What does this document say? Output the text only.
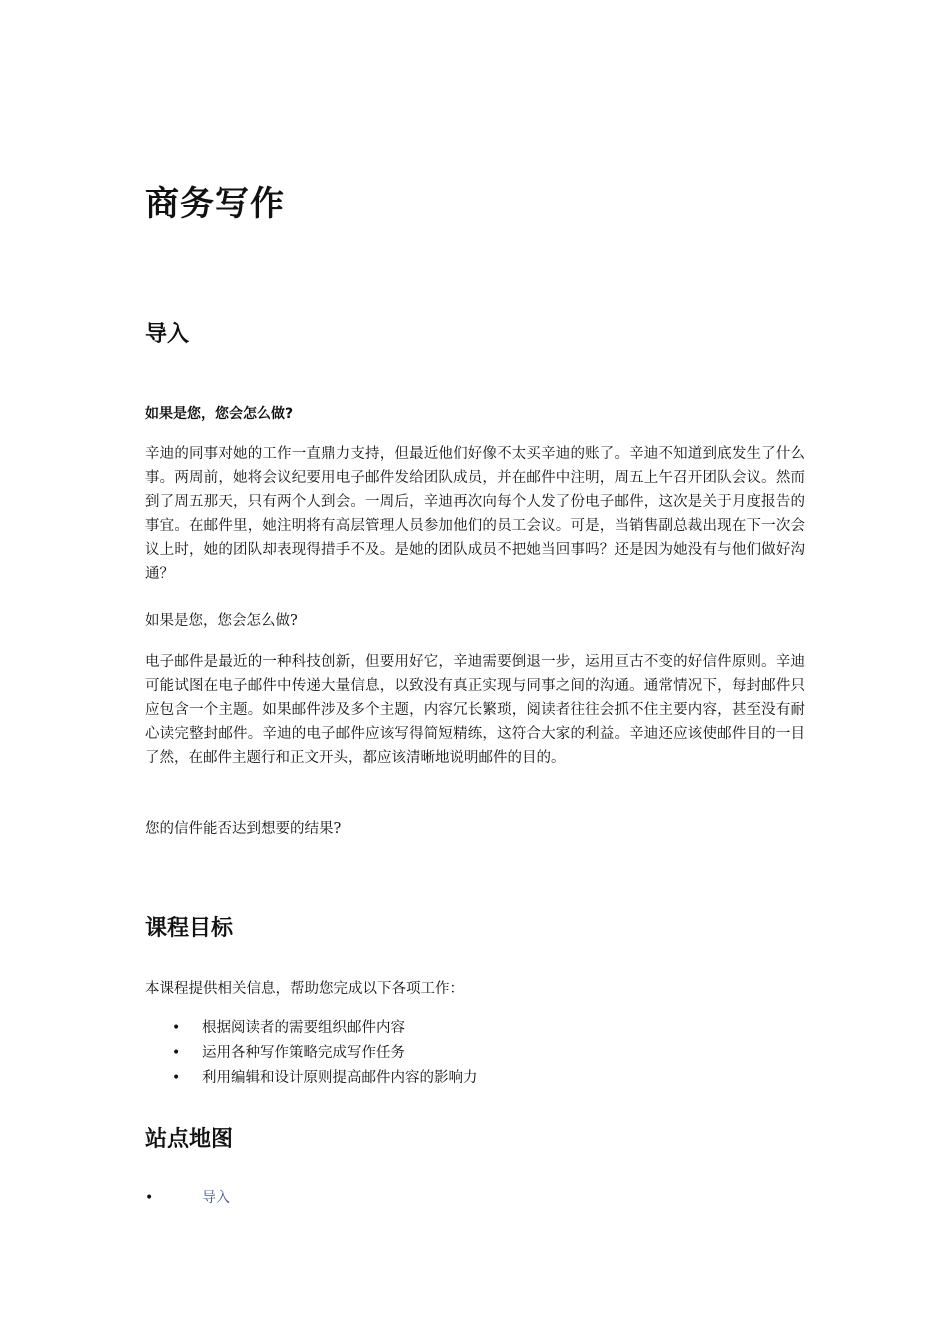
商务写作
导入

如果是您，您会怎么做?

辛迪的同事对她的工作一直鼎力支持，但最近他们好像不太买辛迪的账了。辛迪不知道到底发生了什么事。两周前，她将会议纪要用电子邮件发给团队成员，并在邮件中注明，周五上午召开团队会议。然而到了周五那天，只有两个人到会。一周后，辛迪再次向每个人发了份电子邮件，这次是关于月度报告的事宜。在邮件里，她注明将有高层管理人员参加他们的员工会议。可是，当销售副总裁出现在下一次会议上时，她的团队却表现得措手不及。是她的团队成员不把她当回事吗？还是因为她没有与他们做好沟通？

如果是您，您会怎么做?

电子邮件是最近的一种科技创新，但要用好它，辛迪需要倒退一步，运用亘古不变的好信件原则。辛迪可能试图在电子邮件中传递大量信息，以致没有真正实现与同事之间的沟通。通常情况下，每封邮件只应包含一个主题。如果邮件涉及多个主题，内容冗长繁琐，阅读者往往会抓不住主要内容，甚至没有耐心读完整封邮件。辛迪的电子邮件应该写得简短精练，这符合大家的利益。辛迪还应该使邮件目的一目了然，在邮件主题行和正文开头，都应该清晰地说明邮件的目的。

您的信件能否达到想要的结果?

课程目标

本课程提供相关信息，帮助您完成以下各项工作：

• 根据阅读者的需要组织邮件内容
• 运用各种写作策略完成写作任务
• 利用编辑和设计原则提高邮件内容的影响力
站点地图
•	导入
